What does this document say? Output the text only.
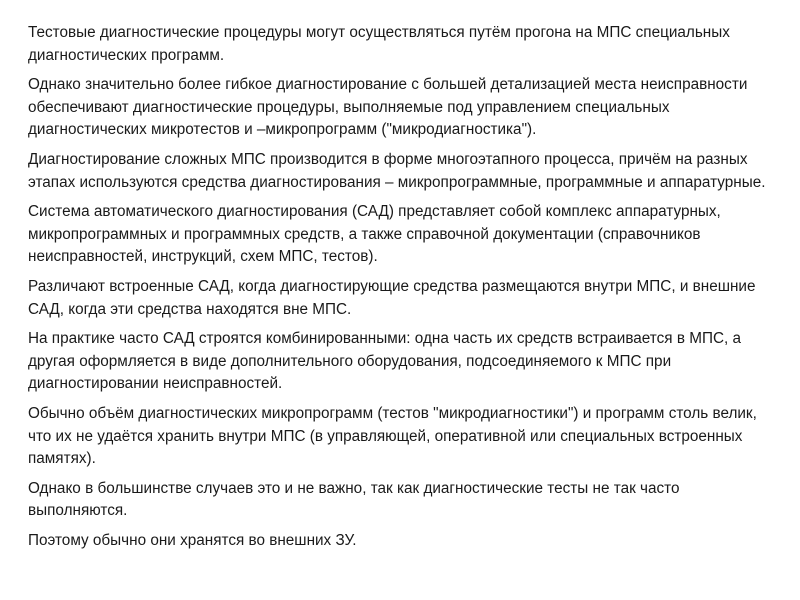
Тестовые диагностические процедуры могут осуществляться путём прогона на МПС специальных диагностических программ.

Однако значительно более гибкое диагностирование с большей детализацией места неисправности обеспечивают диагностические процедуры, выполняемые под управлением специальных диагностических микротестов и –микропрограмм ("микродиагностика").

Диагностирование сложных МПС производится в форме многоэтапного процесса, причём на разных этапах используются средства диагностирования – микропрограммные, программные и аппаратурные.

Система автоматического диагностирования (САД) представляет собой комплекс аппаратурных, микропрограммных и программных средств, а также справочной документации (справочников неисправностей, инструкций, схем МПС, тестов).

Различают встроенные САД, когда диагностирующие средства размещаются внутри МПС, и внешние САД, когда эти средства находятся вне МПС.

На практике часто САД строятся комбинированными: одна часть их средств встраивается в МПС, а другая оформляется в виде дополнительного оборудования, подсоединяемого к МПС при диагностировании неисправностей.

Обычно объём диагностических микропрограмм (тестов "микродиагностики") и программ столь велик, что их не удаётся хранить внутри МПС (в управляющей, оперативной или специальных встроенных памятях).

Однако в большинстве случаев это и не важно, так как диагностические тесты не так часто выполняются.

Поэтому обычно они хранятся во внешних ЗУ.
